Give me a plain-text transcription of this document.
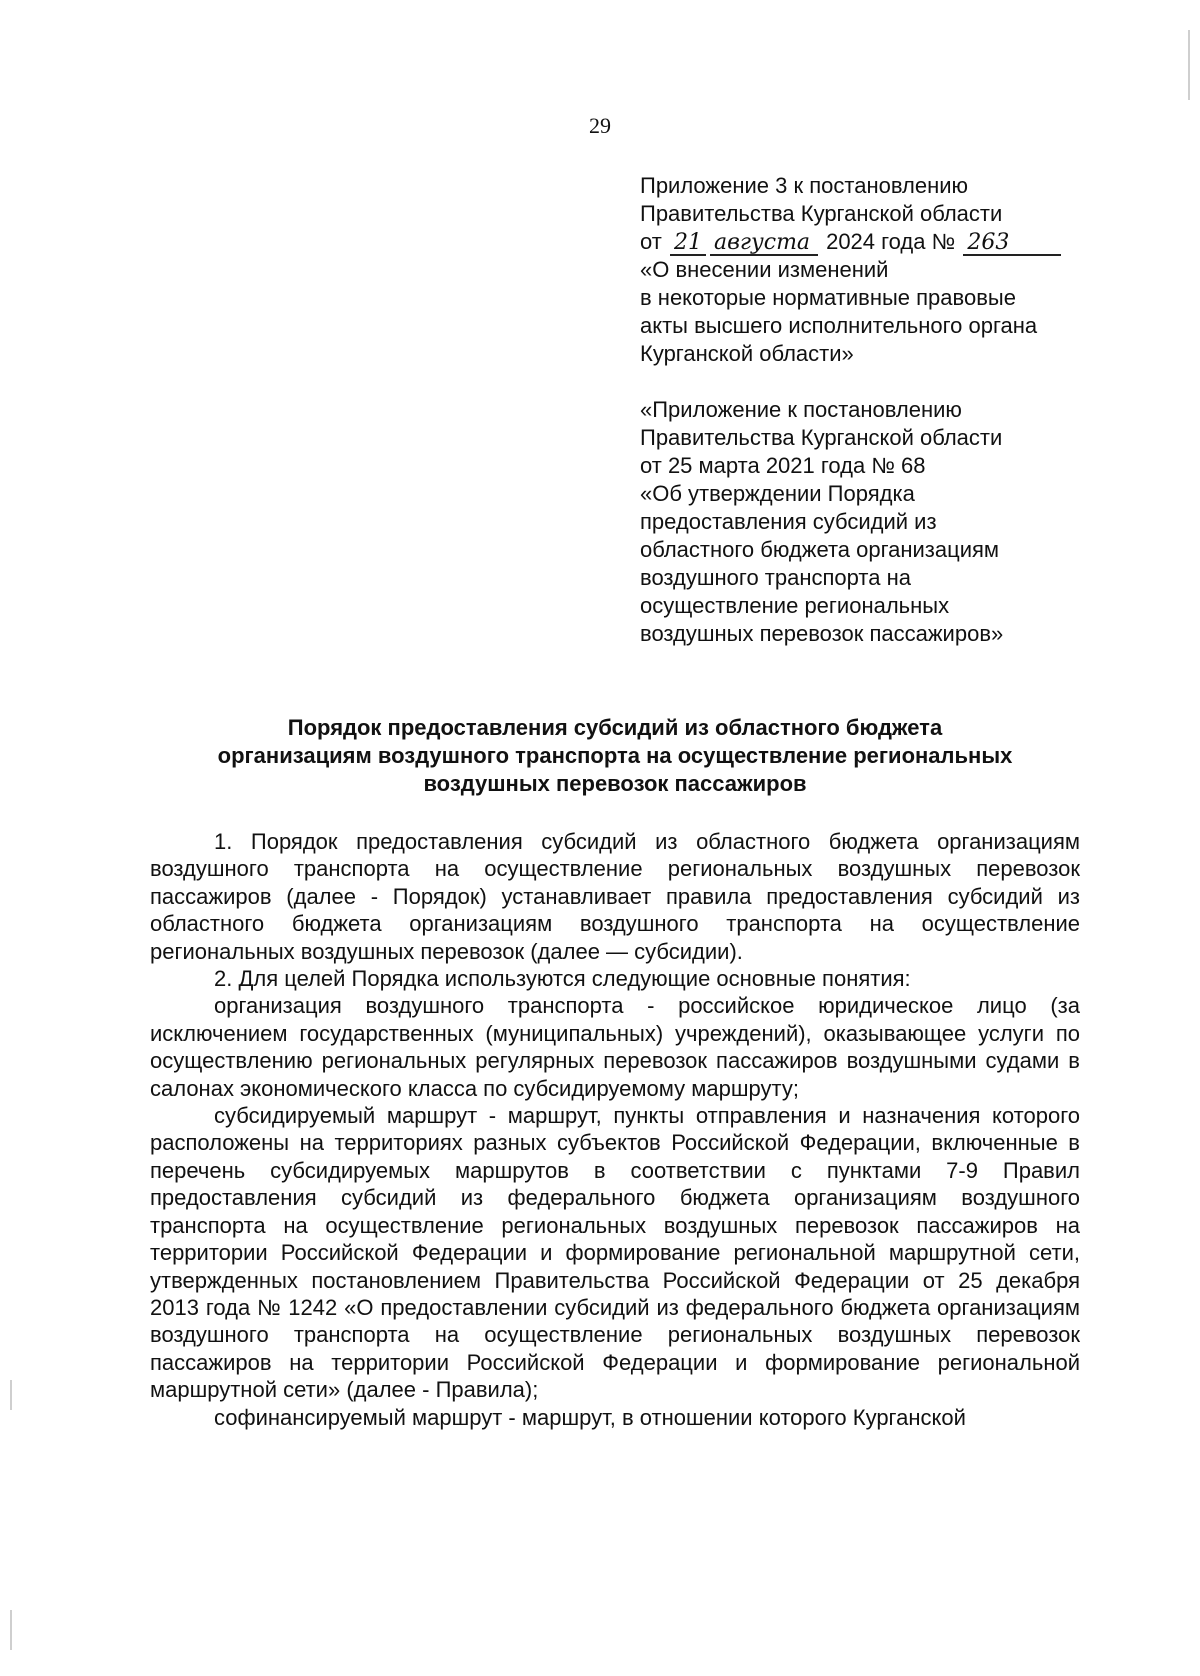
29
Приложение 3 к постановлению
Правительства Курганской области
от 21 августа 2024 года № 263
«О внесении изменений
в некоторые нормативные правовые
акты высшего исполнительного органа
Курганской области»
«Приложение к постановлению
Правительства Курганской области
от 25 марта 2021 года № 68
«Об утверждении Порядка
предоставления субсидий из
областного бюджета организациям
воздушного транспорта на
осуществление региональных
воздушных перевозок пассажиров»
Порядок предоставления субсидий из областного бюджета
организациям воздушного транспорта на осуществление региональных
воздушных перевозок пассажиров

1. Порядок предоставления субсидий из областного бюджета организациям воздушного транспорта на осуществление региональных воздушных перевозок пассажиров (далее - Порядок) устанавливает правила предоставления субсидий из областного бюджета организациям воздушного транспорта на осуществление региональных воздушных перевозок (далее — субсидии).

2. Для целей Порядка используются следующие основные понятия:

организация воздушного транспорта - российское юридическое лицо (за исключением государственных (муниципальных) учреждений), оказывающее услуги по осуществлению региональных регулярных перевозок пассажиров воздушными судами в салонах экономического класса по субсидируемому маршруту;

субсидируемый маршрут - маршрут, пункты отправления и назначения которого расположены на территориях разных субъектов Российской Федерации, включенные в перечень субсидируемых маршрутов в соответствии с пунктами 7-9 Правил предоставления субсидий из федерального бюджета организациям воздушного транспорта на осуществление региональных воздушных перевозок пассажиров на территории Российской Федерации и формирование региональной маршрутной сети, утвержденных постановлением Правительства Российской Федерации от 25 декабря 2013 года № 1242 «О предоставлении субсидий из федерального бюджета организациям воздушного транспорта на осуществление региональных воздушных перевозок пассажиров на территории Российской Федерации и формирование региональной маршрутной сети» (далее - Правила);

софинансируемый маршрут - маршрут, в отношении которого Курганской
